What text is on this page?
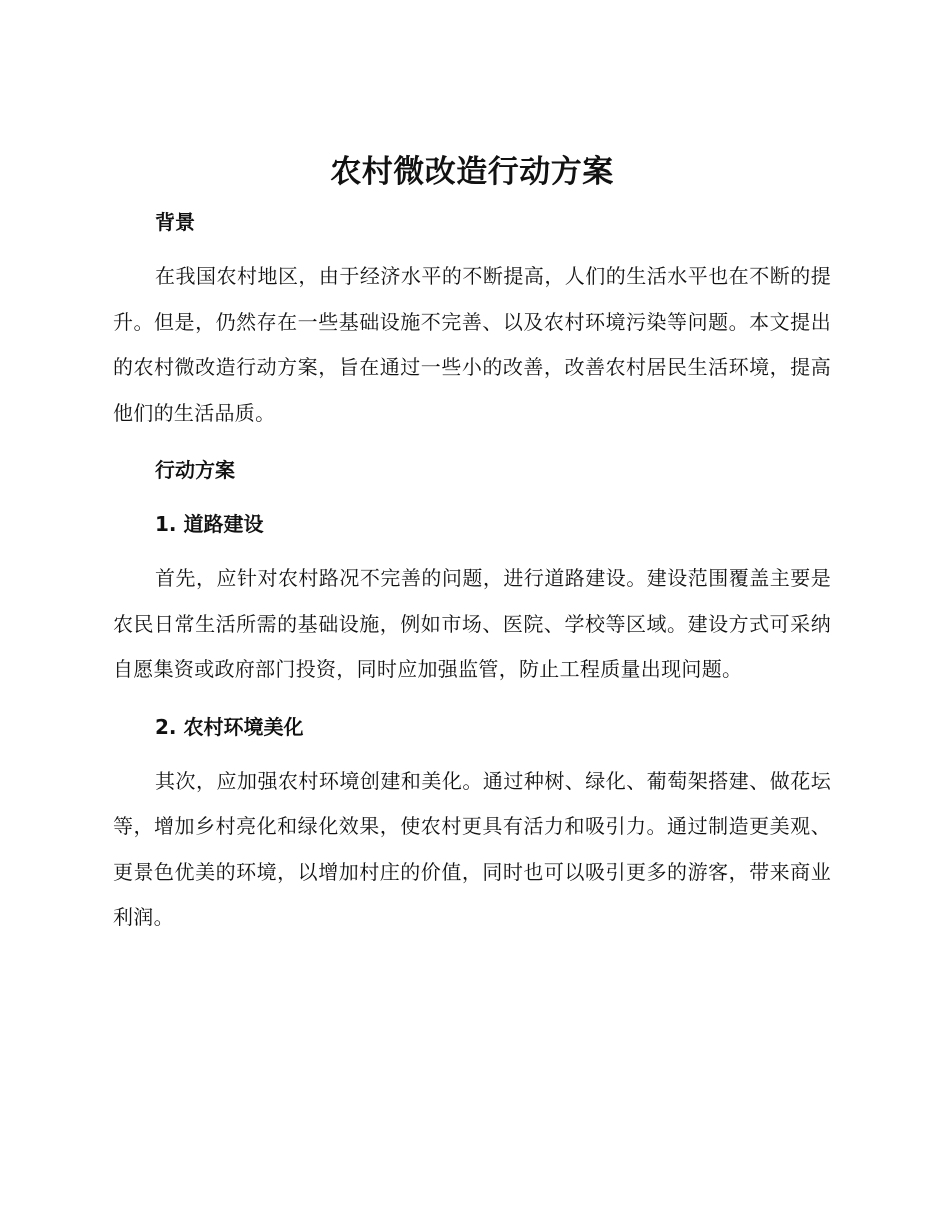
农村微改造行动方案
背景

在我国农村地区，由于经济水平的不断提高，人们的生活水平也在不断的提升。但是，仍然存在一些基础设施不完善、以及农村环境污染等问题。本文提出的农村微改造行动方案，旨在通过一些小的改善，改善农村居民生活环境，提高他们的生活品质。

行动方案
1. 道路建设

首先，应针对农村路况不完善的问题，进行道路建设。建设范围覆盖主要是农民日常生活所需的基础设施，例如市场、医院、学校等区域。建设方式可采纳自愿集资或政府部门投资，同时应加强监管，防止工程质量出现问题。

2. 农村环境美化

其次，应加强农村环境创建和美化。通过种树、绿化、葡萄架搭建、做花坛等，增加乡村亮化和绿化效果，使农村更具有活力和吸引力。通过制造更美观、更景色优美的环境，以增加村庄的价值，同时也可以吸引更多的游客，带来商业利润。
